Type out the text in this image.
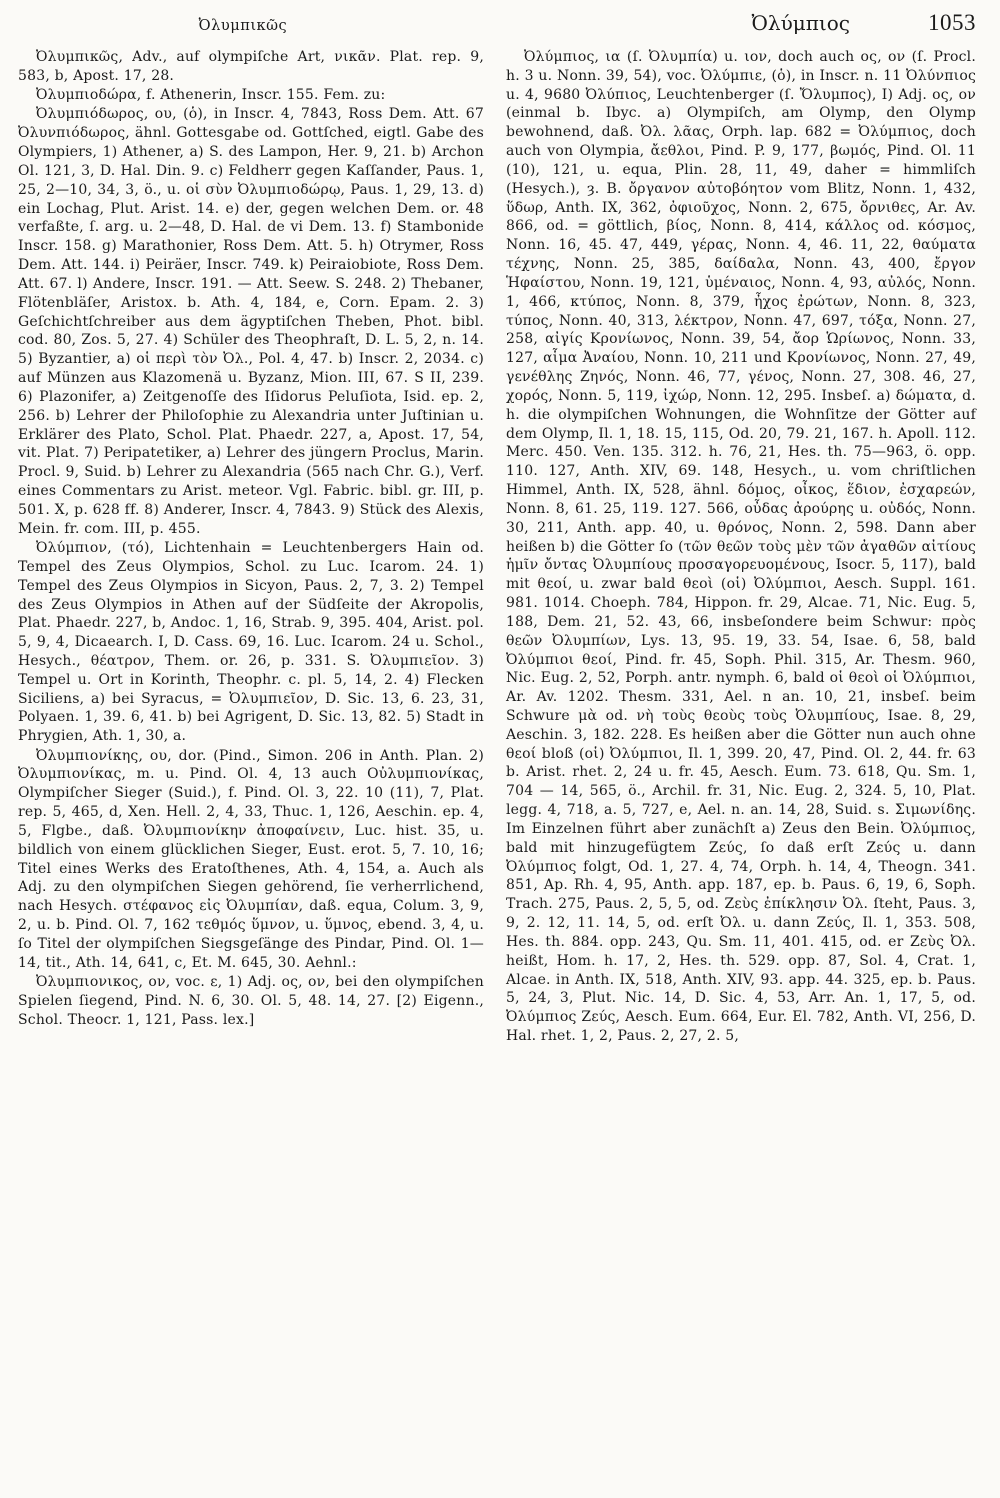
Ὀλυμπικῶς	Ὀλύμπιος	1053

Ὀλυμπικῶς, Adv., auf olympiſche Art, νικᾶν. Plat. rep. 9, 583, b, Apost. 17, 28.

Ὀλυμπιοδώρα, f. Athenerin, Inscr. 155. Fem. zu:

Ὀλυμπιόδωρος, ου, (ὁ), in Inscr. 4, 7843, Ross Dem. Att. 67 Ὀλυνπιόδωρος, ähnl. Gottesgabe od. Gottſched, eigtl. Gabe des Olympiers, 1) Athener, a) S. des Lampon, Her. 9, 21. b) Archon Ol. 121, 3, D. Hal. Din. 9. c) Feldherr gegen Kaſſander, Paus. 1, 25, 2—10, 34, 3, ö., u. οἱ σὺν Ὀλυμπιοδώρῳ, Paus. 1, 29, 13. d) ein Lochag, Plut. Arist. 14. e) der, gegen welchen Dem. or. 48 verfaßte, ſ. arg. u. 2—48, D. Hal. de vi Dem. 13. f) Stambonide Inscr. 158. g) Marathonier, Ross Dem. Att. 5. h) Otrymer, Ross Dem. Att. 144. i) Peiräer, Inscr. 749. k) Peiraiobiote, Ross Dem. Att. 67. l) Andere, Inscr. 191. — Att. Seew. S. 248. 2) Thebaner, Flötenbläſer, Aristox. b. Ath. 4, 184, e, Corn. Epam. 2. 3) Geſchichtſchreiber aus dem ägyptiſchen Theben, Phot. bibl. cod. 80, Zos. 5, 27. 4) Schüler des Theophraſt, D. L. 5, 2, n. 14. 5) Byzantier, a) οἱ περὶ τὸν Ὀλ., Pol. 4, 47. b) Inscr. 2, 2034. c) auf Münzen aus Klazomenä u. Byzanz, Mion. III, 67. S II, 239. 6) Plazonifer, a) Zeitgenoſſe des Iſidorus Peluſiota, Isid. ep. 2, 256. b) Lehrer der Philoſophie zu Alexandria unter Juſtinian u. Erklärer des Plato, Schol. Plat. Phaedr. 227, a, Apost. 17, 54, vit. Plat. 7) Peripatetiker, a) Lehrer des jüngern Proclus, Marin. Procl. 9, Suid. b) Lehrer zu Alexandria (565 nach Chr. G.), Verf. eines Commentars zu Arist. meteor. Vgl. Fabric. bibl. gr. III, p. 501. X, p. 628 ff. 8) Anderer, Inscr. 4, 7843. 9) Stück des Alexis, Mein. fr. com. III, p. 455.

Ὀλύμπιον, (τό), Lichtenhain = Leuchtenbergers Hain od. Tempel des Zeus Olympios, Schol. zu Luc. Icarom. 24. 1) Tempel des Zeus Olympios in Sicyon, Paus. 2, 7, 3. 2) Tempel des Zeus Olympios in Athen auf der Südſeite der Akropolis, Plat. Phaedr. 227, b, Andoc. 1, 16, Strab. 9, 395. 404, Arist. pol. 5, 9, 4, Dicaearch. I, D. Cass. 69, 16. Luc. Icarom. 24 u. Schol., Hesych., θέατρον, Them. or. 26, p. 331. S. Ὀλυμπιεῖον. 3) Tempel u. Ort in Korinth, Theophr. c. pl. 5, 14, 2. 4) Flecken Siciliens, a) bei Syracus, = Ὀλυμπιεῖον, D. Sic. 13, 6. 23, 31, Polyaen. 1, 39. 6, 41. b) bei Agrigent, D. Sic. 13, 82. 5) Stadt in Phrygien, Ath. 1, 30, a.

Ὀλυμπιονίκης, ου, dor. (Pind., Simon. 206 in Anth. Plan. 2) Ὀλυμπιονίκας, m. u. Pind. Ol. 4, 13 auch Οὐλυμπιονίκας, Olympiſcher Sieger (Suid.), f. Pind. Ol. 3, 22. 10 (11), 7, Plat. rep. 5, 465, d, Xen. Hell. 2, 4, 33, Thuc. 1, 126, Aeschin. ep. 4, 5, Flgbe., daß. Ὀλυμπιονίκην ἀποφαίνειν, Luc. hist. 35, u. bildlich von einem glücklichen Sieger, Eust. erot. 5, 7. 10, 16; Titel eines Werks des Eratoſthenes, Ath. 4, 154, a. Auch als Adj. zu den olympiſchen Siegen gehörend, ſie verherrlichend, nach Hesych. στέφανος εἰς Ὀλυμπίαν, daß. equa, Colum. 3, 9, 2, u. b. Pind. Ol. 7, 162 τεθμός ὕμνον, u. ὕμνος, ebend. 3, 4, u. ſo Titel der olympiſchen Siegsgeſänge des Pindar, Pind. Ol. 1—14, tit., Ath. 14, 641, c, Et. M. 645, 30. Aehnl.:

Ὀλυμπιονικος, ον, voc. ε, 1) Adj. ος, ον, bei den olympiſchen Spielen ſiegend, Pind. N. 6, 30. Ol. 5, 48. 14, 27. [2) Eigenn., Schol. Theocr. 1, 121, Pass. lex.]

Ὀλύμπιος, ια (ſ. Ὀλυμπία) u. ιον, doch auch ος, ον (ſ. Procl. h. 3 u. Nonn. 39, 54), voc. Ὀλύμπιε, (ὁ), in Inscr. n. 11 Ὀλύνπιος u. 4, 9680 Ὀλύπιος, Leuchtenberger (ſ. Ὄλυμπος), I) Adj. ος, ον (einmal b. Ibyc. a) Olympiſch, am Olymp, den Olymp bewohnend, daß. Ὀλ. λᾶας, Orph. lap. 682 = Ὀλύμπιος, doch auch von Olympia, ἄεθλοι, Pind. P. 9, 177, βωμός, Pind. Ol. 11 (10), 121, u. equa, Plin. 28, 11, 49, daher = himmliſch (Hesych.), ȝ. B. ὄργανον αὐτοβόητον vom Blitz, Nonn. 1, 432, ὕδωρ, Anth. IX, 362, ὀφιοῦχος, Nonn. 2, 675, ὄρνιθες, Ar. Av. 866, od. = göttlich, βίος, Nonn. 8, 414, κάλλος od. κόσμος, Nonn. 16, 45. 47, 449, γέρας, Nonn. 4, 46. 11, 22, θαύματα τέχνης, Nonn. 25, 385, δαίδαλα, Nonn. 43, 400, ἔργον Ἡφαίστου, Nonn. 19, 121, ὑμέναιος, Nonn. 4, 93, αὐλός, Nonn. 1, 466, κτύπος, Nonn. 8, 379, ἦχος ἐρώτων, Nonn. 8, 323, τύπος, Nonn. 40, 313, λέκτρον, Nonn. 47, 697, τόξα, Nonn. 27, 258, αἰγίς Κρονίωνος, Nonn. 39, 54, ἄορ Ὡρίωνος, Nonn. 33, 127, αἷμα Ἀναίου, Nonn. 10, 211 und Κρονίωνος, Nonn. 27, 49, γενέθλης Ζηνός, Nonn. 46, 77, γένος, Nonn. 27, 308. 46, 27, χορός, Nonn. 5, 119, ἰχώρ, Nonn. 12, 295. Insbeſ. a) δώματα, d. h. die olympiſchen Wohnungen, die Wohnſitze der Götter auf dem Olymp, Il. 1, 18. 15, 115, Od. 20, 79. 21, 167. h. Apoll. 112. Merc. 450. Ven. 135. 312. h. 76, 21, Hes. th. 75—963, ö. opp. 110. 127, Anth. XIV, 69. 148, Hesych., u. vom chriſtlichen Himmel, Anth. IX, 528, ähnl. δόμος, οἶκος, ἕδιον, ἐσχαρεών, Nonn. 8, 61. 25, 119. 127. 566, οὖδας ἀρούρης u. οὐδός, Nonn. 30, 211, Anth. app. 40, u. θρόνος, Nonn. 2, 598. Dann aber heißen b) die Götter ſo (τῶν θεῶν τοὺς μὲν τῶν ἀγαθῶν αἰτίους ἡμῖν ὄντας Ὀλυμπίους προσαγορευομένους, Isocr. 5, 117), bald mit θεοί, u. zwar bald θεοὶ (οἱ) Ὀλύμπιοι, Aesch. Suppl. 161. 981. 1014. Choeph. 784, Hippon. fr. 29, Alcae. 71, Nic. Eug. 5, 188, Dem. 21, 52. 43, 66, insbeſondere beim Schwur: πρὸς θεῶν Ὀλυμπίων, Lys. 13, 95. 19, 33. 54, Isae. 6, 58, bald Ὀλύμπιοι θεοί, Pind. fr. 45, Soph. Phil. 315, Ar. Thesm. 960, Nic. Eug. 2, 52, Porph. antr. nymph. 6, bald οἱ θεοὶ οἱ Ὀλύμπιοι, Ar. Av. 1202. Thesm. 331, Ael. n an. 10, 21, insbeſ. beim Schwure μὰ od. νὴ τοὺς θεοὺς τοὺς Ὀλυμπίους, Isae. 8, 29, Aeschin. 3, 182. 228. Es heißen aber die Götter nun auch ohne θεοί bloß (οἱ) Ὀλύμπιοι, Il. 1, 399. 20, 47, Pind. Ol. 2, 44. fr. 63 b. Arist. rhet. 2, 24 u. fr. 45, Aesch. Eum. 73. 618, Qu. Sm. 1, 704 — 14, 565, ö., Archil. fr. 31, Nic. Eug. 2, 324. 5, 10, Plat. legg. 4, 718, a. 5, 727, e, Ael. n. an. 14, 28, Suid. s. Σιμωνίδης. Im Einzelnen führt aber zunächſt a) Zeus den Bein. Ὀλύμπιος, bald mit hinzugefügtem Ζεύς, ſo daß erſt Ζεύς u. dann Ὀλύμπιος folgt, Od. 1, 27. 4, 74, Orph. h. 14, 4, Theogn. 341. 851, Ap. Rh. 4, 95, Anth. app. 187, ep. b. Paus. 6, 19, 6, Soph. Trach. 275, Paus. 2, 5, 5, od. Ζεὺς ἐπίκλησιν Ὀλ. ſteht, Paus. 3, 9, 2. 12, 11. 14, 5, od. erſt Ὀλ. u. dann Ζεύς, Il. 1, 353. 508, Hes. th. 884. opp. 243, Qu. Sm. 11, 401. 415, od. er Ζεὺς Ὀλ. heißt, Hom. h. 17, 2, Hes. th. 529. opp. 87, Sol. 4, Crat. 1, Alcae. in Anth. IX, 518, Anth. XIV, 93. app. 44. 325, ep. b. Paus. 5, 24, 3, Plut. Nic. 14, D. Sic. 4, 53, Arr. An. 1, 17, 5, od. Ὀλύμπιος Ζεύς, Aesch. Eum. 664, Eur. El. 782, Anth. VI, 256, D. Hal. rhet. 1, 2, Paus. 2, 27, 2. 5,
